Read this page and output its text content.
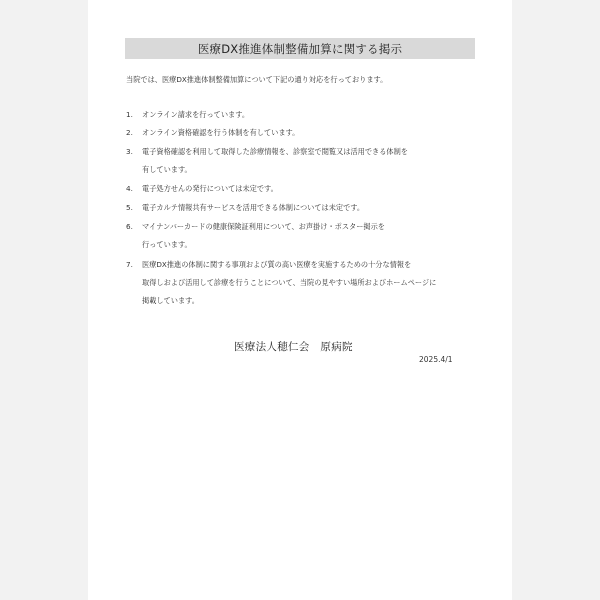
医療DX推進体制整備加算に関する掲示
当院では、医療DX推進体制整備加算について下記の通り対応を行っております。
1. オンライン請求を行っています。
2. オンライン資格確認を行う体制を有しています。
3. 電子資格確認を利用して取得した診療情報を、診察室で閲覧又は活用できる体制を
有しています。
4. 電子処方せんの発行については未定です。
5. 電子カルテ情報共有サービスを活用できる体制については未定です。
6. マイナンバーカードの健康保険証利用について、お声掛け・ポスター掲示を
行っています。
7. 医療DX推進の体制に関する事項および質の高い医療を実施するための十分な情報を
取得しおよび活用して診療を行うことについて、当院の見やすい場所およびホームページに
掲載しています。
医療法人穂仁会　原病院
2025.4/1
